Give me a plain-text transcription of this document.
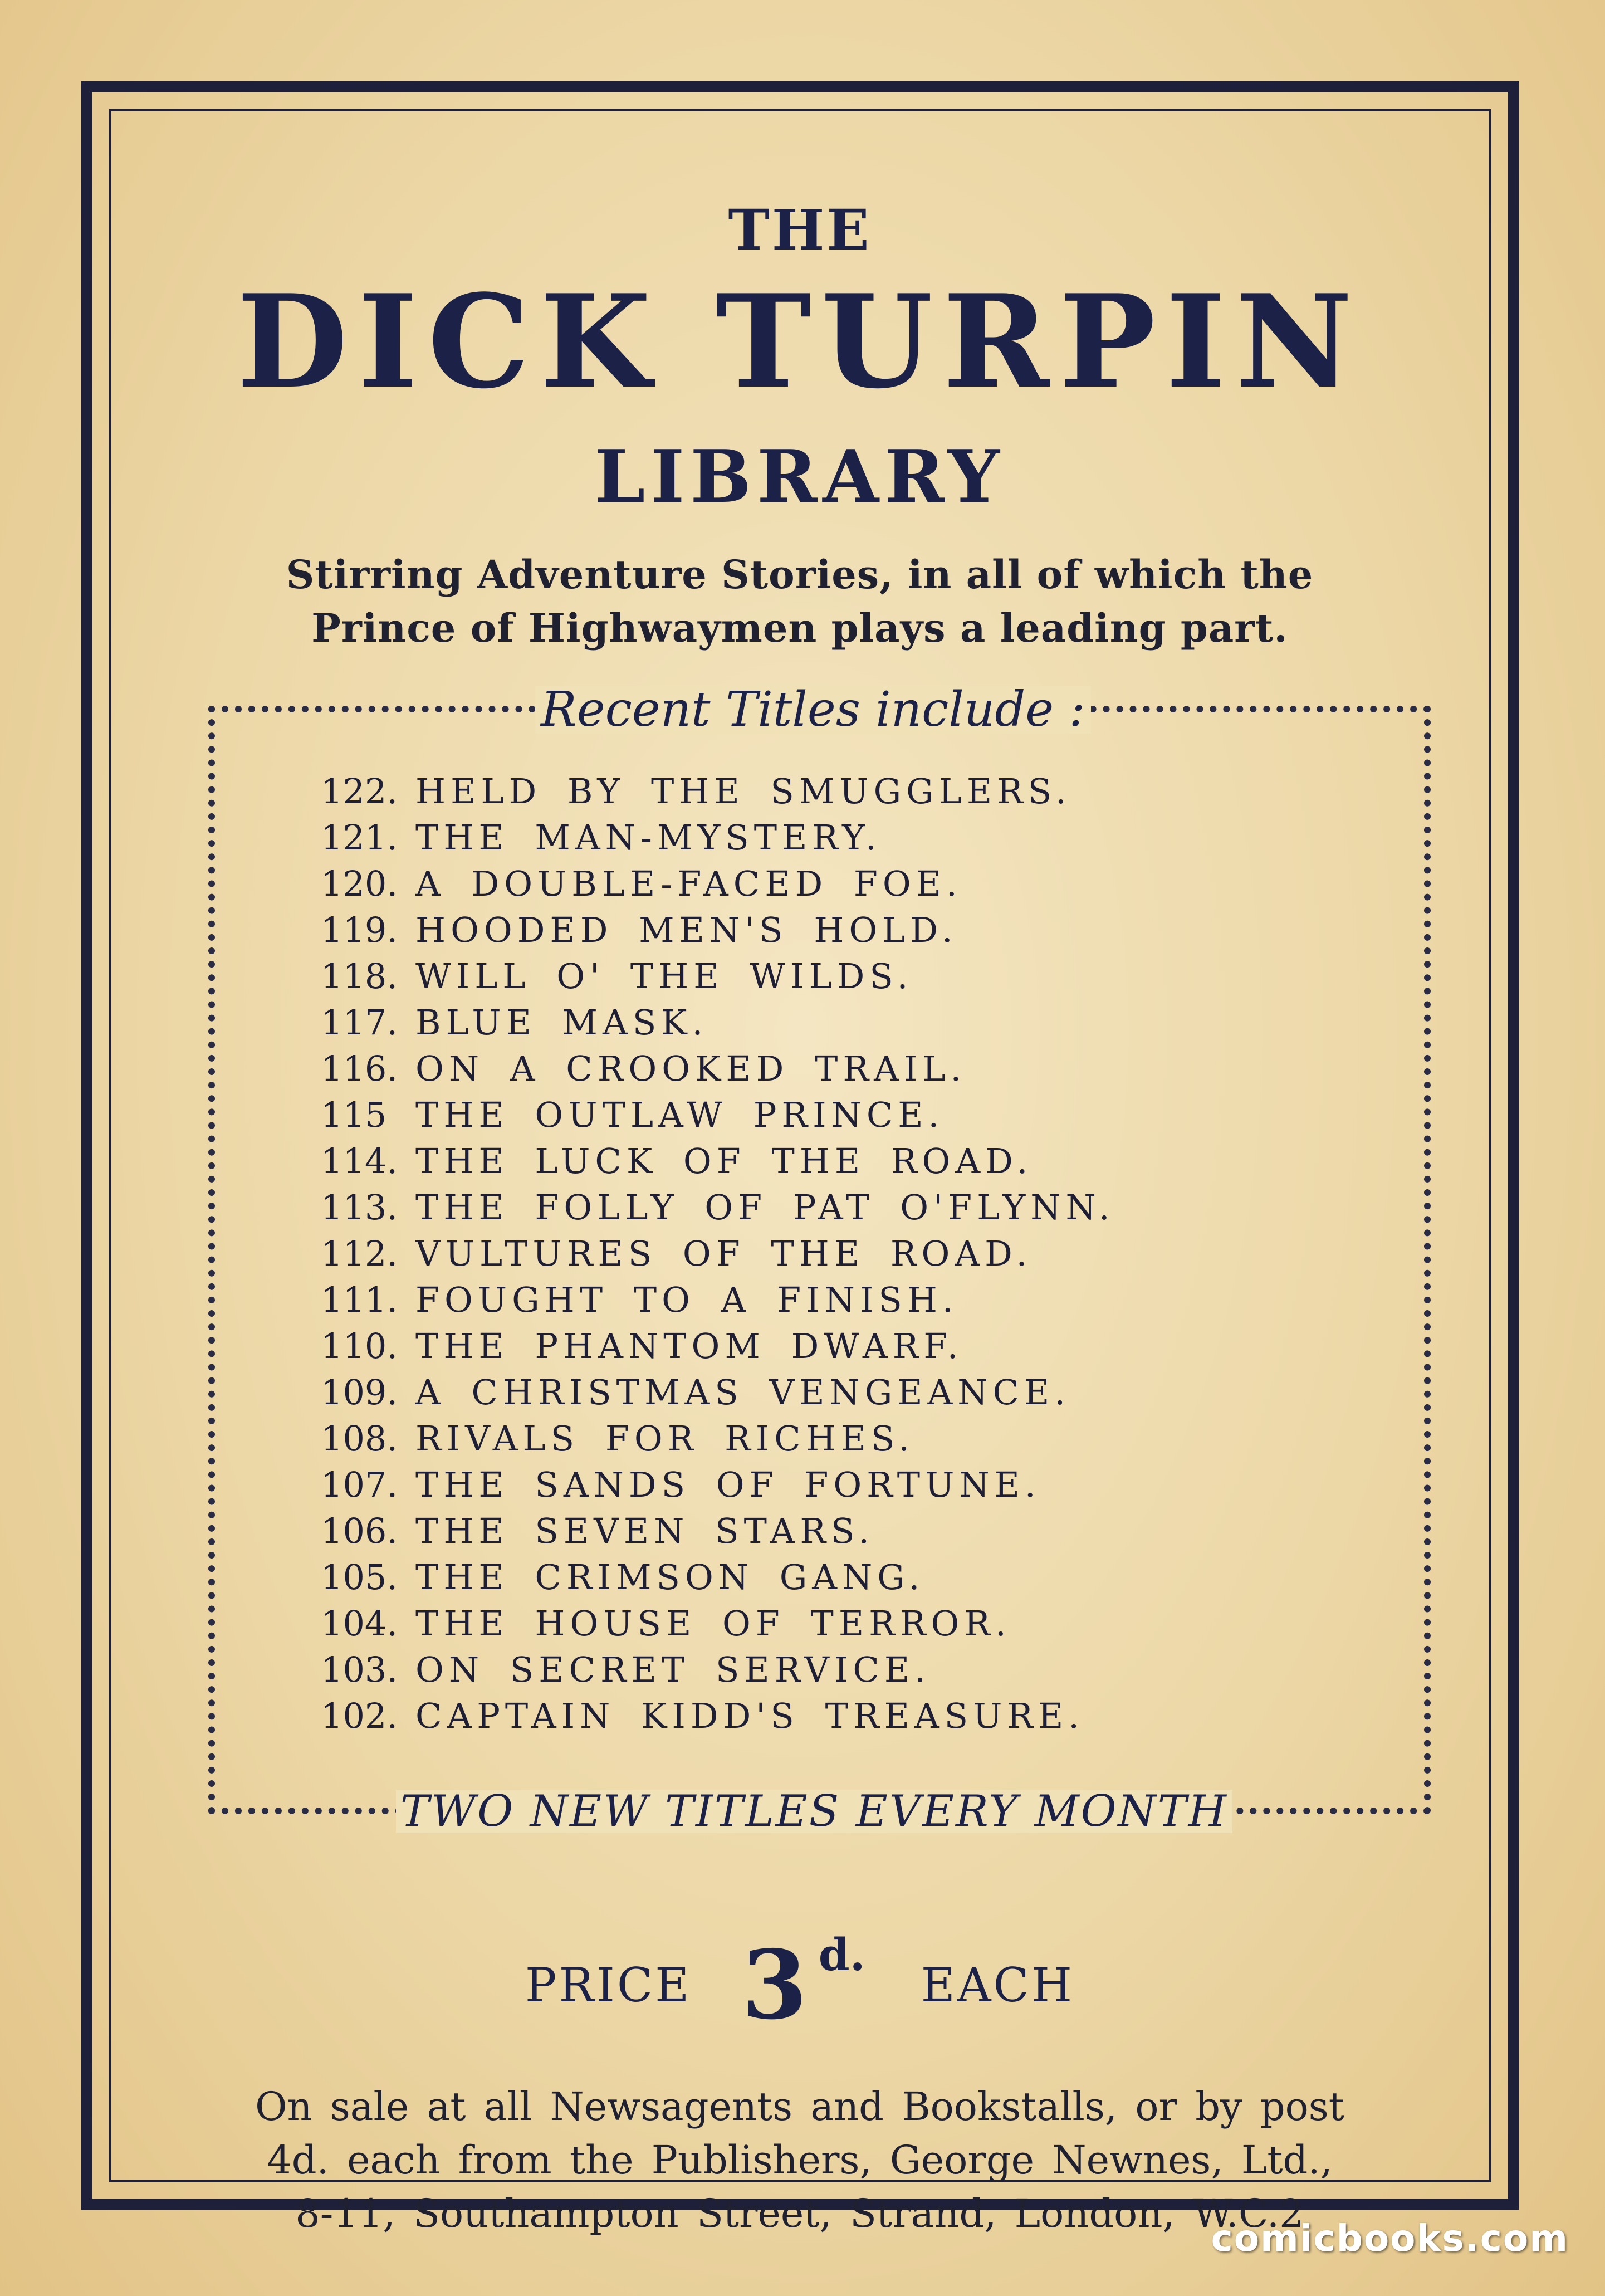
THE
DICK TURPIN
LIBRARY
Stirring Adventure Stories, in all of which the
Prince of Highwaymen plays a leading part.
Recent Titles include :
122. HELD BY THE SMUGGLERS.
121. THE MAN-MYSTERY.
120. A DOUBLE-FACED FOE.
119. HOODED MEN'S HOLD.
118. WILL O' THE WILDS.
117. BLUE MASK.
116. ON A CROOKED TRAIL.
115 THE OUTLAW PRINCE.
114. THE LUCK OF THE ROAD.
113. THE FOLLY OF PAT O'FLYNN.
112. VULTURES OF THE ROAD.
111. FOUGHT TO A FINISH.
110. THE PHANTOM DWARF.
109. A CHRISTMAS VENGEANCE.
108. RIVALS FOR RICHES.
107. THE SANDS OF FORTUNE.
106. THE SEVEN STARS.
105. THE CRIMSON GANG.
104. THE HOUSE OF TERROR.
103. ON SECRET SERVICE.
102. CAPTAIN KIDD'S TREASURE.
TWO NEW TITLES EVERY MONTH
PRICE 3 d.EACH
On sale at all Newsagents and Bookstalls, or by post
4d. each from the Publishers, George Newnes, Ltd.,
8-11, Southampton Street, Strand, London, W.C.2
comicbooks.com
